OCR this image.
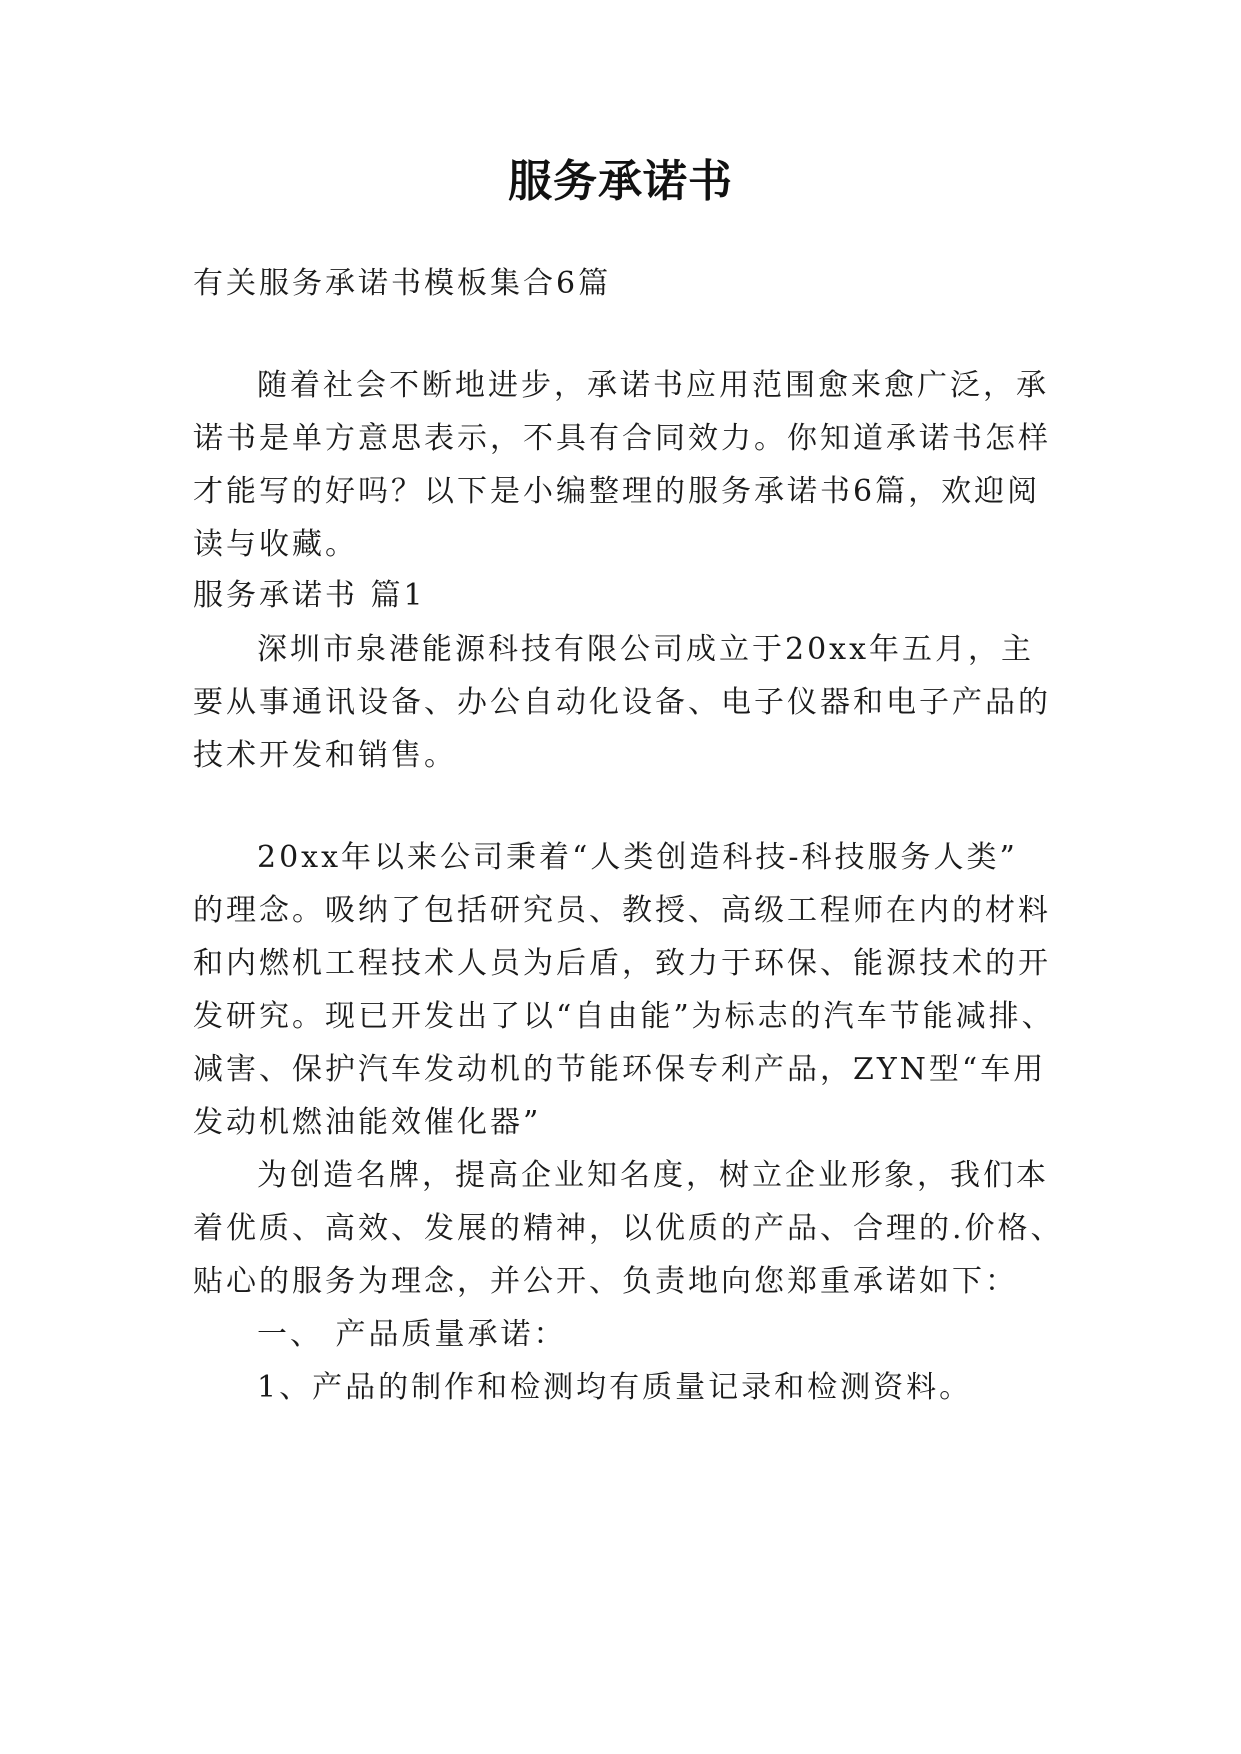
服务承诺书
有关服务承诺书模板集合6篇
随着社会不断地进步，承诺书应用范围愈来愈广泛，承
诺书是单方意思表示，不具有合同效力。你知道承诺书怎样
才能写的好吗？以下是小编整理的服务承诺书6篇，欢迎阅
读与收藏。
服务承诺书 篇1
深圳市泉港能源科技有限公司成立于20xx年五月，主
要从事通讯设备、办公自动化设备、电子仪器和电子产品的
技术开发和销售。
20xx年以来公司秉着“人类创造科技-科技服务人类”
的理念。吸纳了包括研究员、教授、高级工程师在内的材料
和内燃机工程技术人员为后盾，致力于环保、能源技术的开
发研究。现已开发出了以“自由能”为标志的汽车节能减排、
减害、保护汽车发动机的节能环保专利产品，ZYN型“车用
发动机燃油能效催化器”
为创造名牌，提高企业知名度，树立企业形象，我们本
着优质、高效、发展的精神，以优质的产品、合理的.价格、
贴心的服务为理念，并公开、负责地向您郑重承诺如下：
一、 产品质量承诺：
1、产品的制作和检测均有质量记录和检测资料。
